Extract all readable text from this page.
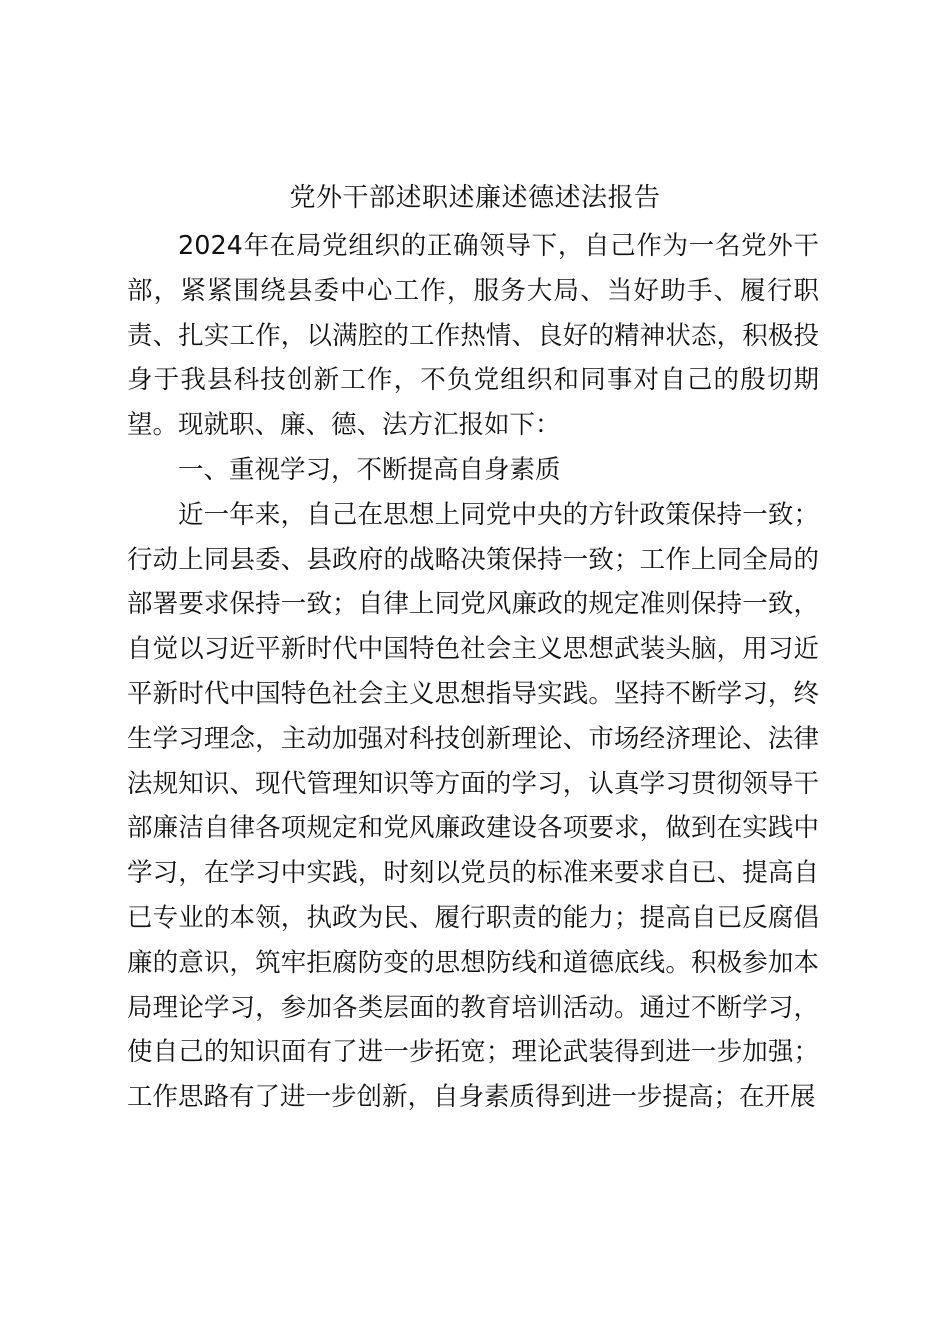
党外干部述职述廉述德述法报告

2024年在局党组织的正确领导下，自己作为一名党外干部，紧紧围绕县委中心工作，服务大局、当好助手、履行职责、扎实工作，以满腔的工作热情、良好的精神状态，积极投身于我县科技创新工作，不负党组织和同事对自己的殷切期望。现就职、廉、德、法方汇报如下：

一、重视学习，不断提高自身素质

近一年来，自己在思想上同党中央的方针政策保持一致；行动上同县委、县政府的战略决策保持一致；工作上同全局的部署要求保持一致；自律上同党风廉政的规定准则保持一致，自觉以习近平新时代中国特色社会主义思想武装头脑，用习近平新时代中国特色社会主义思想指导实践。坚持不断学习，终生学习理念，主动加强对科技创新理论、市场经济理论、法律法规知识、现代管理知识等方面的学习，认真学习贯彻领导干部廉洁自律各项规定和党风廉政建设各项要求，做到在实践中学习，在学习中实践，时刻以党员的标准来要求自已、提高自已专业的本领，执政为民、履行职责的能力；提高自已反腐倡廉的意识，筑牢拒腐防变的思想防线和道德底线。积极参加本局理论学习，参加各类层面的教育培训活动。通过不断学习，使自己的知识面有了进一步拓宽；理论武装得到进一步加强；工作思路有了进一步创新，自身素质得到进一步提高；在开展
